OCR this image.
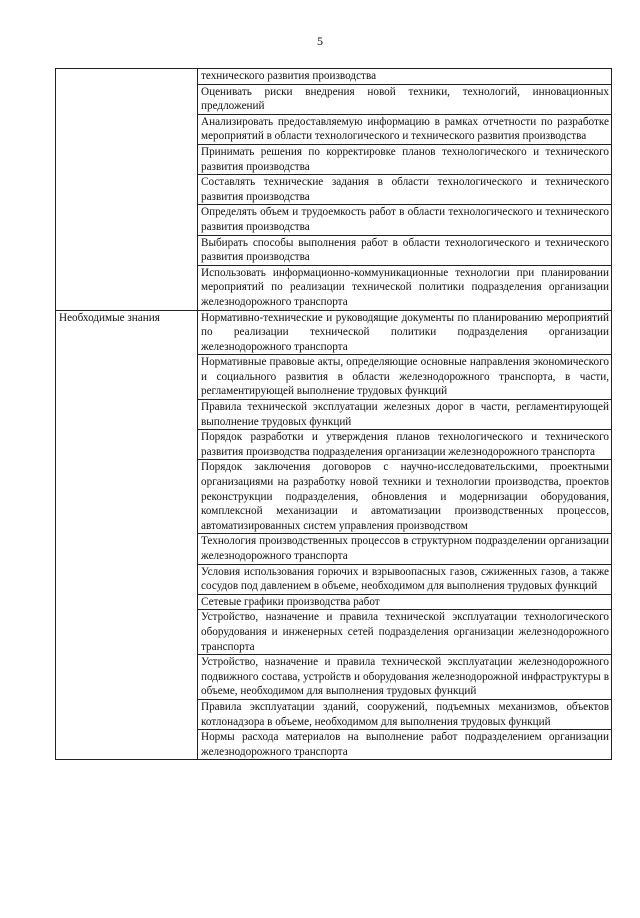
5
	технического развития производства
	Оценивать риски внедрения новой техники, технологий, инновационных предложений
	Анализировать предоставляемую информацию в рамках отчетности по разработке мероприятий в области технологического и технического развития производства
	Принимать решения по корректировке планов технологического и технического развития производства
	Составлять технические задания в области технологического и технического развития производства
	Определять объем и трудоемкость работ в области технологического и технического развития производства
	Выбирать способы выполнения работ в области технологического и технического развития производства
	Использовать информационно-коммуникационные технологии при планировании мероприятий по реализации технической политики подразделения организации железнодорожного транспорта
Необходимые знания	Нормативно-технические и руководящие документы по планированию мероприятий по реализации технической политики подразделения организации железнодорожного транспорта
	Нормативные правовые акты, определяющие основные направления экономического и социального развития в области железнодорожного транспорта, в части, регламентирующей выполнение трудовых функций
	Правила технической эксплуатации железных дорог в части, регламентирующей выполнение трудовых функций
	Порядок разработки и утверждения планов технологического и технического развития производства подразделения организации железнодорожного транспорта
	Порядок заключения договоров с научно-исследовательскими, проектными организациями на разработку новой техники и технологии производства, проектов реконструкции подразделения, обновления и модернизации оборудования, комплексной механизации и автоматизации производственных процессов, автоматизированных систем управления производством
	Технология производственных процессов в структурном подразделении организации железнодорожного транспорта
	Условия использования горючих и взрывоопасных газов, сжиженных газов, а также сосудов под давлением в объеме, необходимом для выполнения трудовых функций
	Сетевые графики производства работ
	Устройство, назначение и правила технической эксплуатации технологического оборудования и инженерных сетей подразделения организации железнодорожного транспорта
	Устройство, назначение и правила технической эксплуатации железнодорожного подвижного состава, устройств и оборудования железнодорожной инфраструктуры в объеме, необходимом для выполнения трудовых функций
	Правила эксплуатации зданий, сооружений, подъемных механизмов, объектов котлонадзора в объеме, необходимом для выполнения трудовых функций
	Нормы расхода материалов на выполнение работ подразделением организации железнодорожного транспорта
